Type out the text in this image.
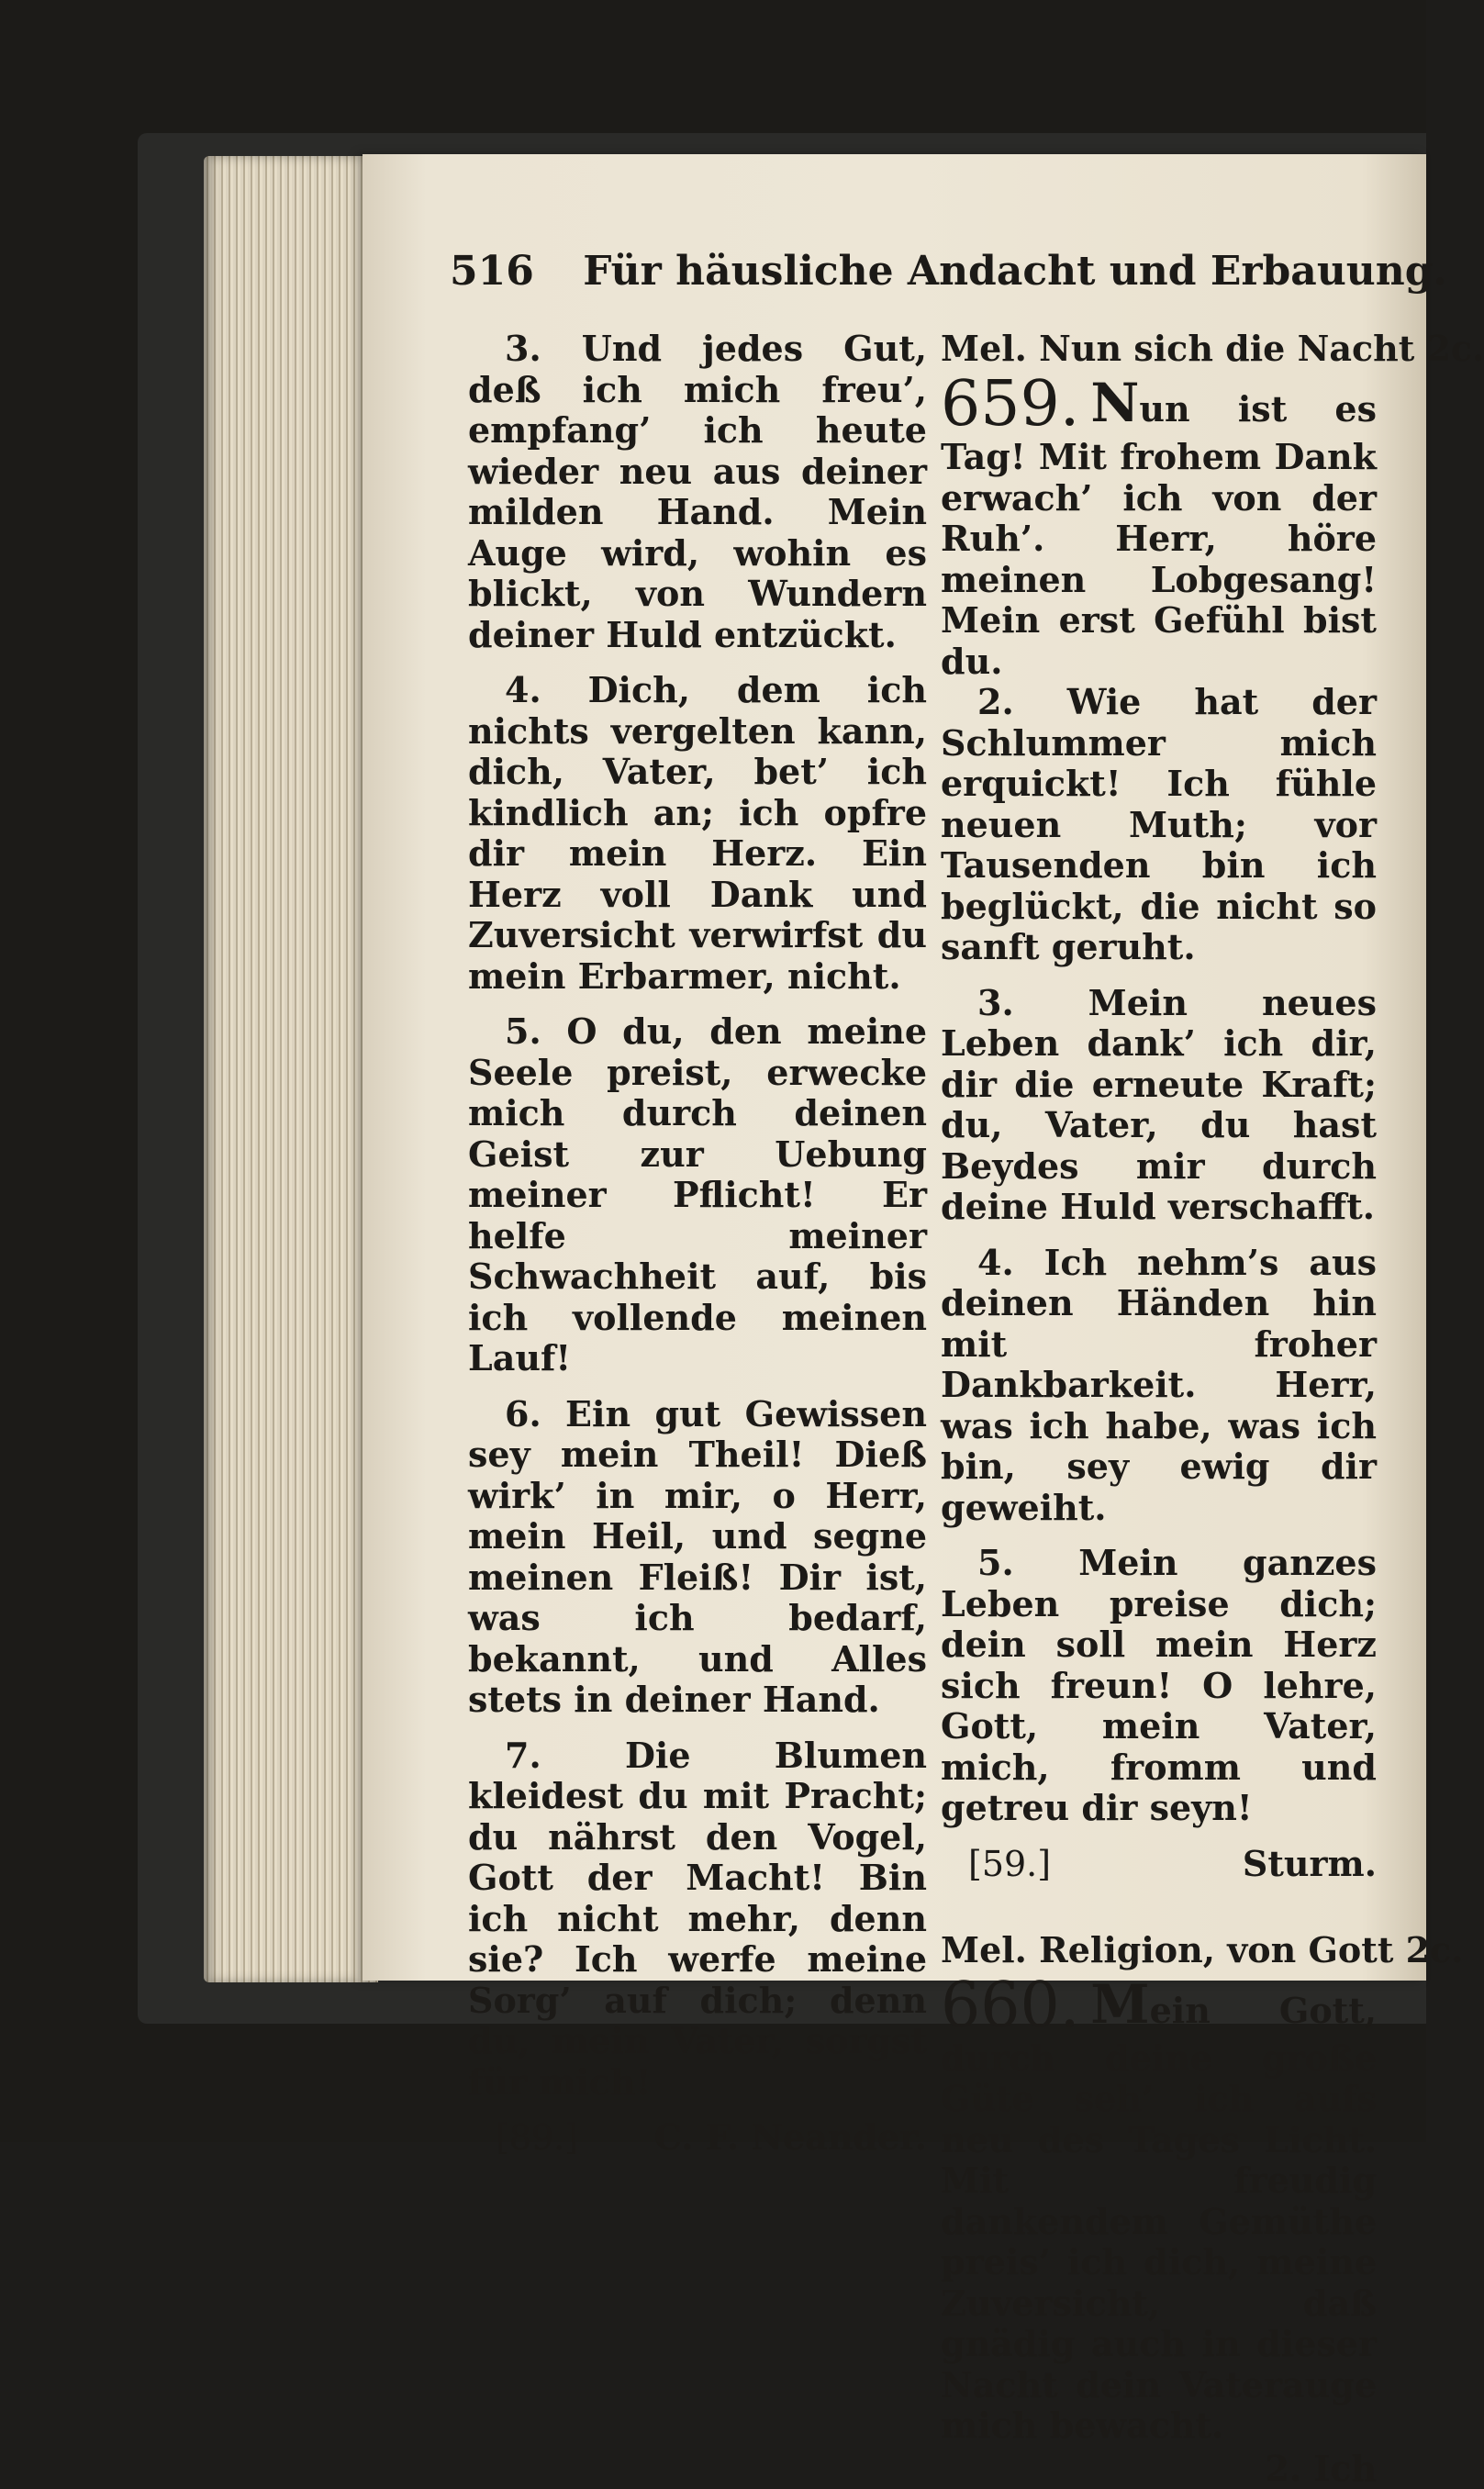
516 Für häusliche Andacht und Erbauung.

3. Und jedes Gut, deß ich mich freu’, empfang’ ich heute wieder neu aus deiner milden Hand. Mein Auge wird, wohin es blickt, von Wundern deiner Huld entzückt.

4. Dich, dem ich nichts vergelten kann, dich, Vater, bet’ ich kindlich an; ich opfre dir mein Herz. Ein Herz voll Dank und Zuversicht verwirfst du mein Erbarmer, nicht.

5. O du, den meine Seele preist, erwecke mich durch deinen Geist zur Uebung meiner Pflicht! Er helfe meiner Schwachheit auf, bis ich vollende meinen Lauf!

6. Ein gut Gewissen sey mein Theil! Dieß wirk’ in mir, o Herr, mein Heil, und segne meinen Fleiß! Dir ist, was ich bedarf, bekannt, und Alles stets in deiner Hand.

7. Die Blumen kleidest du mit Pracht; du nährst den Vogel, Gott der Macht! Bin ich nicht mehr, denn sie? Ich werfe meine Sorg’ auf dich; denn du, mein Vater, sorgst für mich!

[89.] C. F. Neander.
Mel. Nun sich die Nacht 2c.

659. Nun ist es Tag! Mit frohem Dank erwach’ ich von der Ruh’. Herr, höre meinen Lobgesang! Mein erst Gefühl bist du.

2. Wie hat der Schlummer mich erquickt! Ich fühle neuen Muth; vor Tausenden bin ich beglückt, die nicht so sanft geruht.

3. Mein neues Leben dank’ ich dir, dir die erneute Kraft; du, Vater, du hast Beydes mir durch deine Huld verschafft.

4. Ich nehm’s aus deinen Händen hin mit froher Dankbarkeit. Herr, was ich habe, was ich bin, sey ewig dir geweiht.

5. Mein ganzes Leben preise dich; dein soll mein Herz sich freun! O lehre, Gott, mein Vater, mich, fromm und getreu dir seyn!

[59.]	Sturm.
Mel. Religion, von Gott 2c.

660. Mein Gott, durch deine große Güte seh’ ich aufs neu des Tages Licht. Mit freudig dankendem Gemüthe preis’ ich dich, meine Zuversicht, daß gnädig auch in dieser Nacht dein Vaterauge mich bewacht.

2. Ich
